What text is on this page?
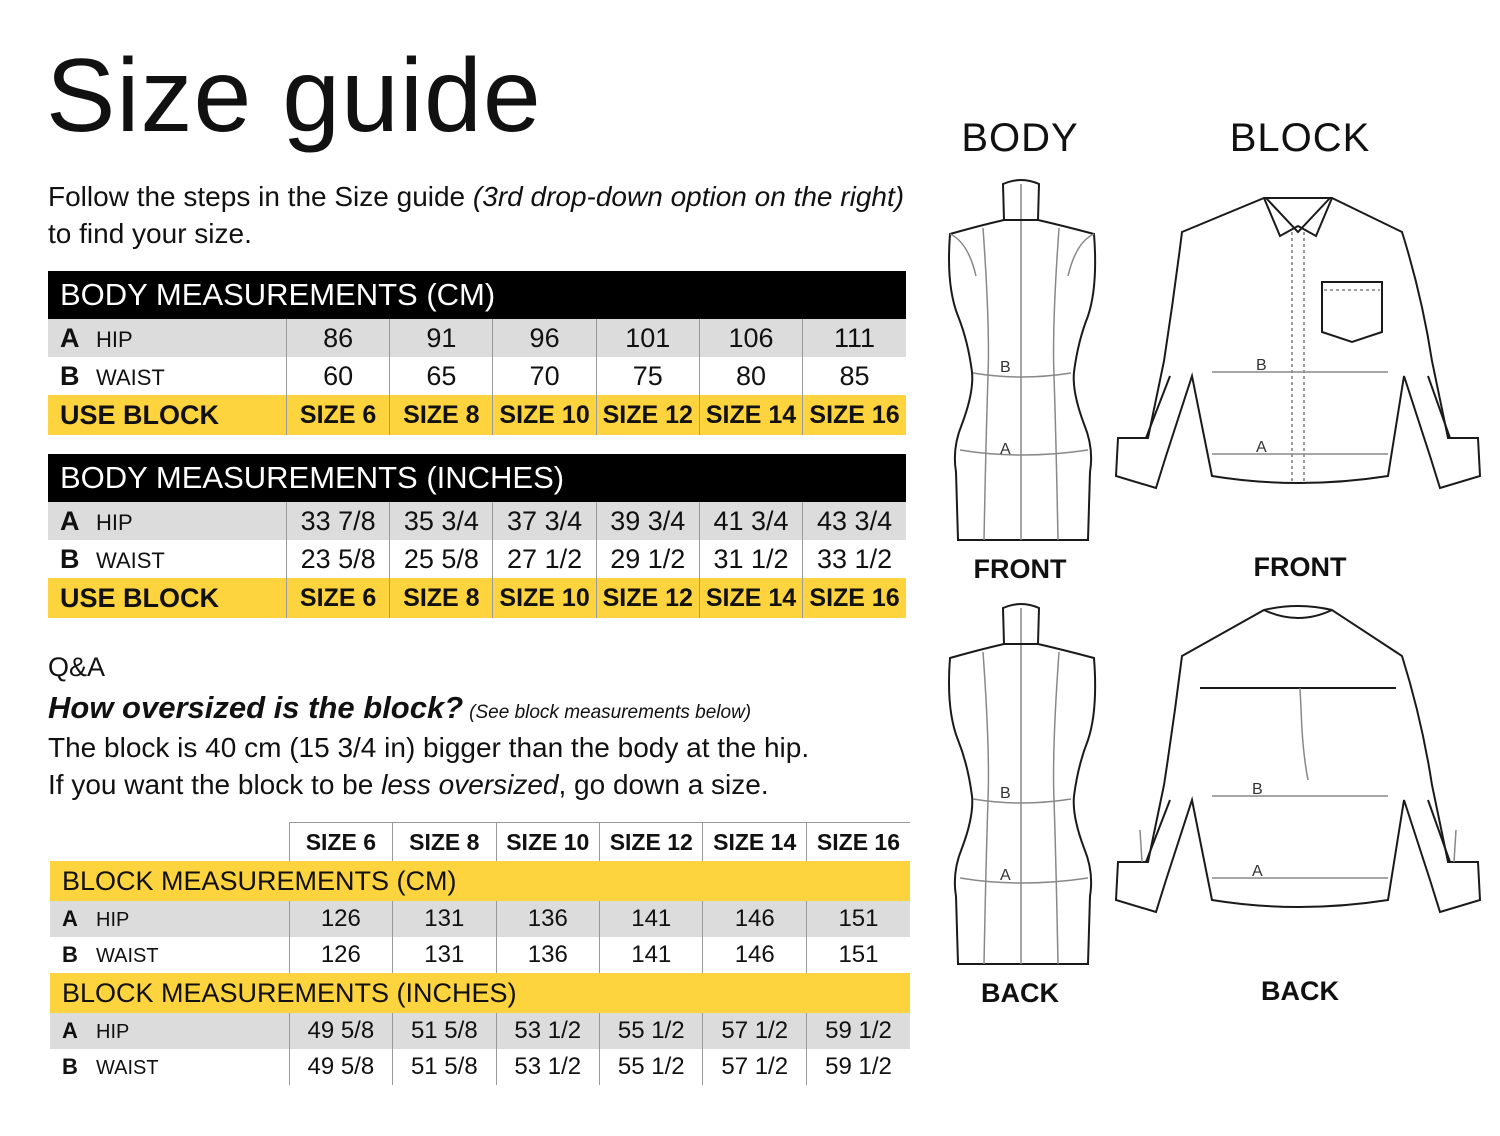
Size guide
Follow the steps in the Size guide (3rd drop-down option on the right) to find your size.
BODY MEASUREMENTS (CM)						
A HIP	86	91	96	101	106	111
B WAIST	60	65	70	75	80	85
USE BLOCK	SIZE 6	SIZE 8	SIZE 10	SIZE 12	SIZE 14	SIZE 16
BODY MEASUREMENTS (INCHES)						
A HIP	33 7/8	35 3/4	37 3/4	39 3/4	41 3/4	43 3/4
B WAIST	23 5/8	25 5/8	27 1/2	29 1/2	31 1/2	33 1/2
USE BLOCK	SIZE 6	SIZE 8	SIZE 10	SIZE 12	SIZE 14	SIZE 16
Q&A
How oversized is the block? (See block measurements below)
The block is 40 cm (15 3/4 in) bigger than the body at the hip.
If you want the block to be less oversized, go down a size.
	SIZE 6	SIZE 8	SIZE 10	SIZE 12	SIZE 14	SIZE 16
BLOCK MEASUREMENTS (CM)						
A HIP	126	131	136	141	146	151
B WAIST	126	131	136	141	146	151
BLOCK MEASUREMENTS (INCHES)						
A HIP	49 5/8	51 5/8	53 1/2	55 1/2	57 1/2	59 1/2
B WAIST	49 5/8	51 5/8	53 1/2	55 1/2	57 1/2	59 1/2
BODY	BLOCK
B
A
FRONT
B
A
FRONT
B
A
BACK
B
A
BACK
